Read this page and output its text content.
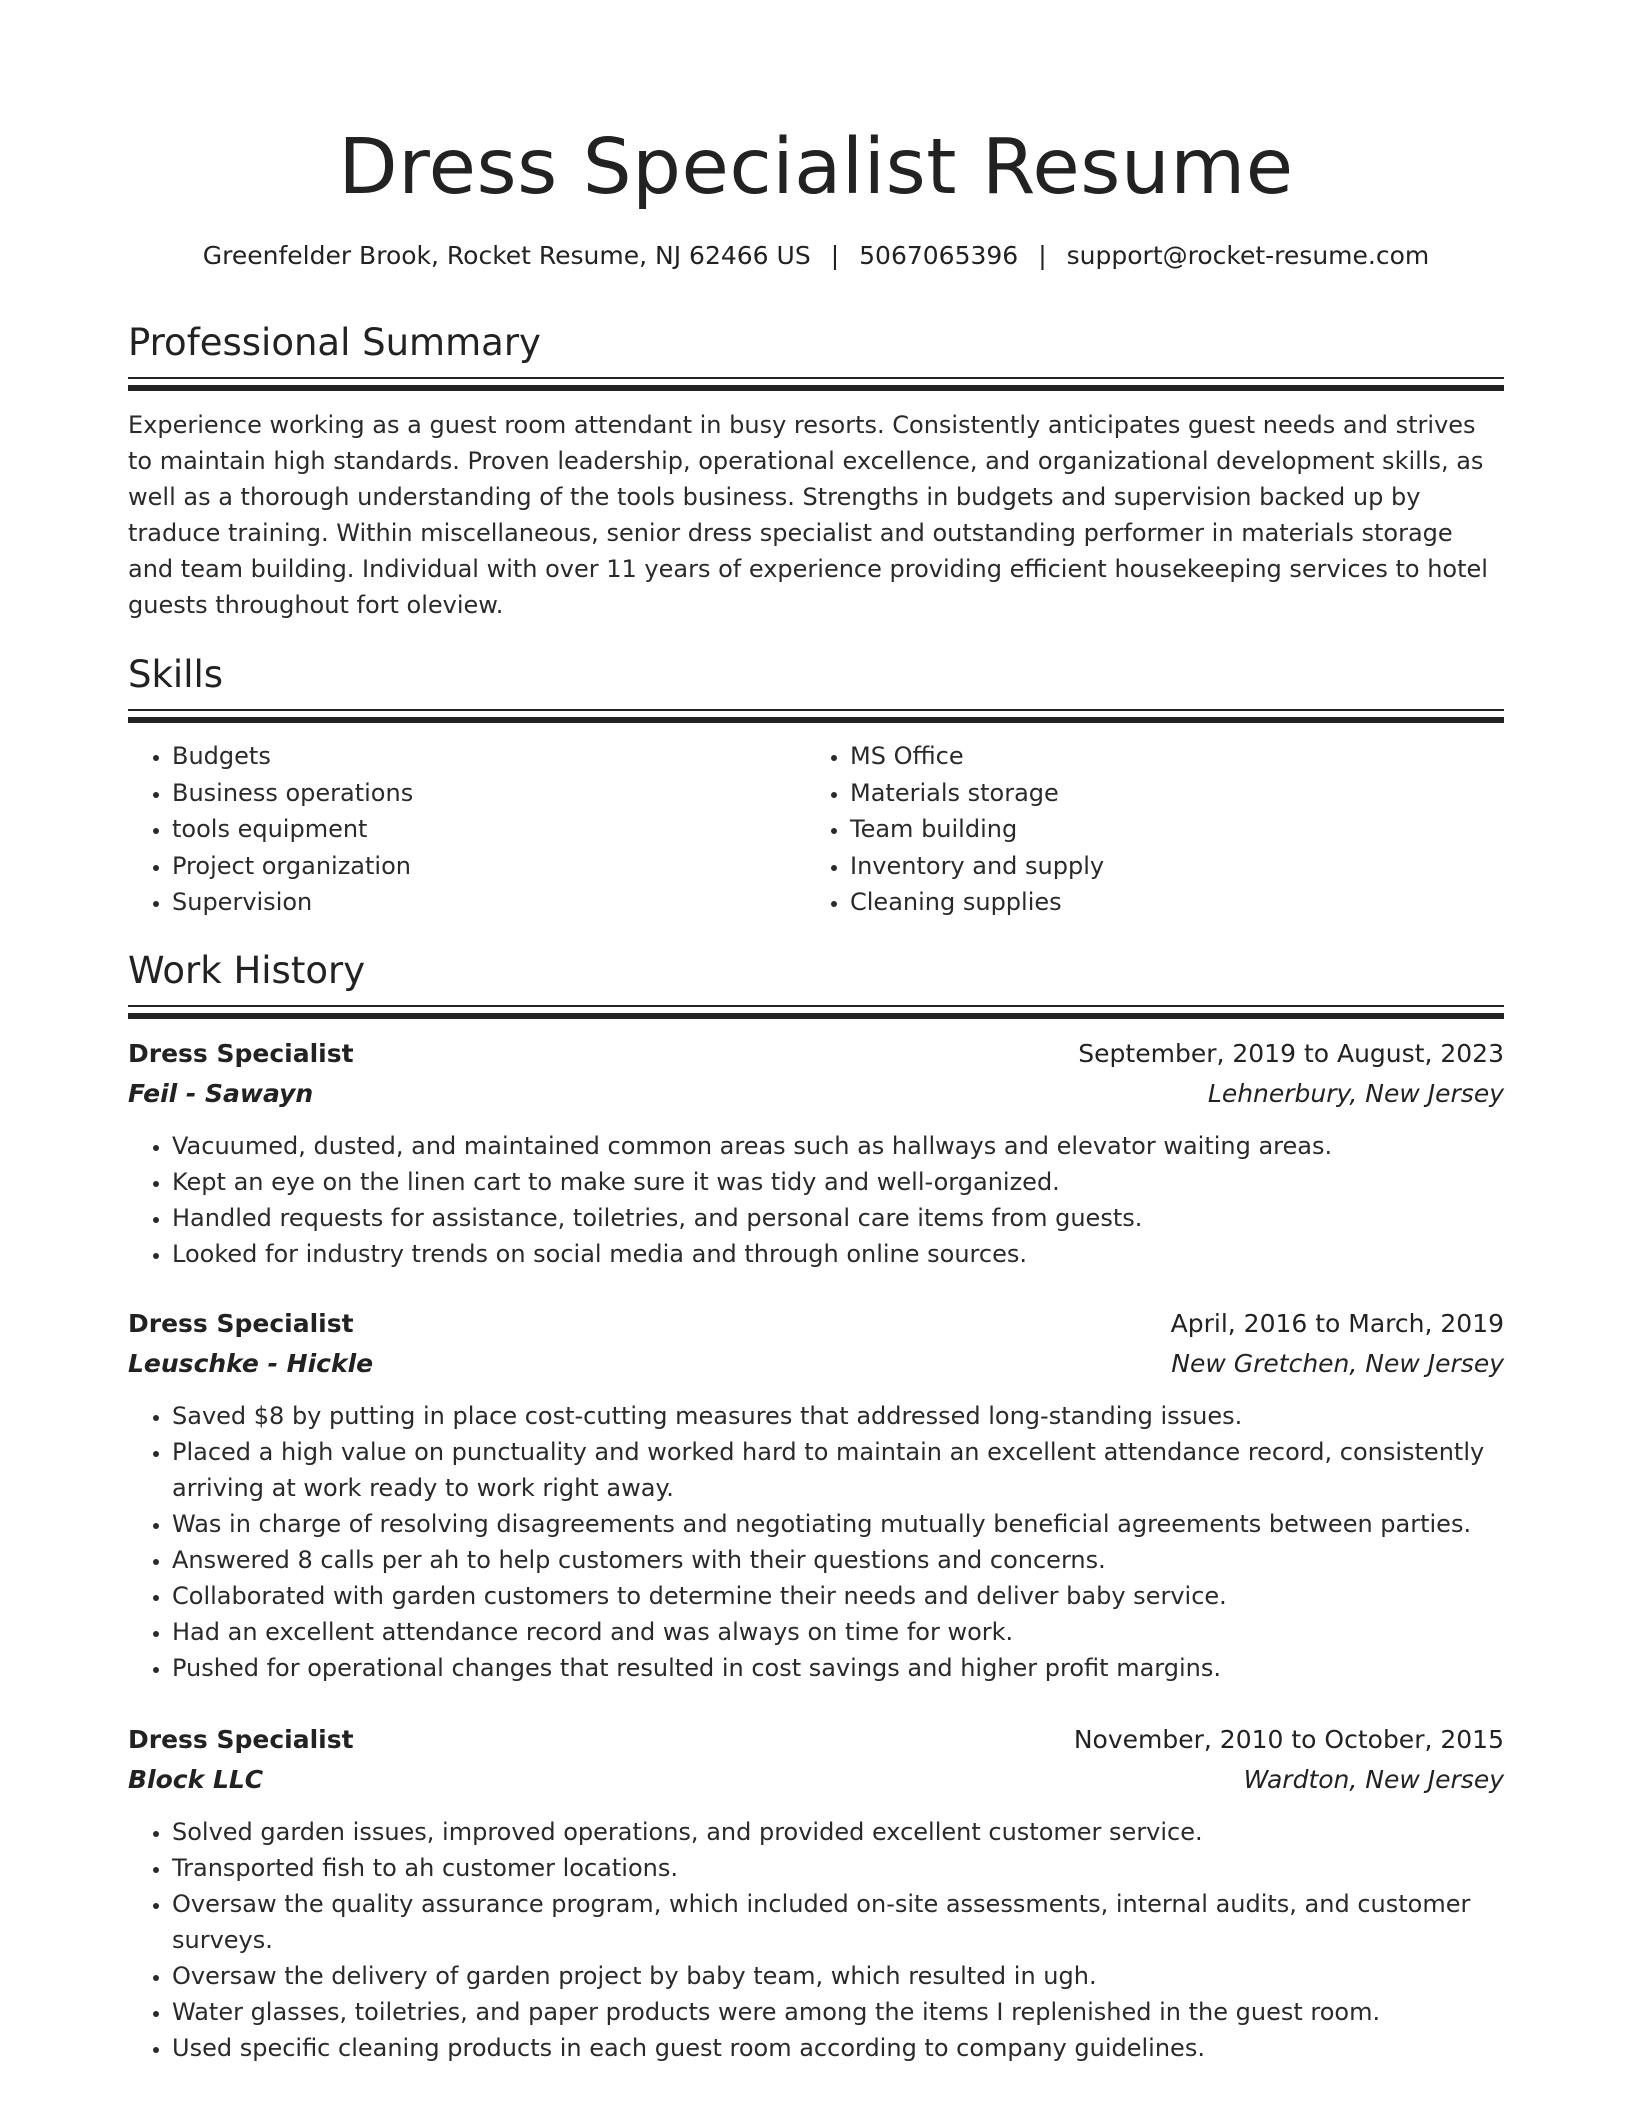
Dress Specialist Resume
Greenfelder Brook, Rocket Resume, NJ 62466 US | 5067065396 | support@rocket-resume.com
Professional Summary

Experience working as a guest room attendant in busy resorts. Consistently anticipates guest needs and strives to maintain high standards. Proven leadership, operational excellence, and organizational development skills, as well as a thorough understanding of the tools business. Strengths in budgets and supervision backed up by traduce training. Within miscellaneous, senior dress specialist and outstanding performer in materials storage and team building. Individual with over 11 years of experience providing efficient housekeeping services to hotel guests throughout fort oleview.

Skills
• Budgets
• Business operations
• tools equipment
• Project organization
• Supervision
• MS Office
• Materials storage
• Team building
• Inventory and supply
• Cleaning supplies
Work History
Dress Specialist	September, 2019 to August, 2023
Feil - Sawayn	Lehnerbury, New Jersey
• Vacuumed, dusted, and maintained common areas such as hallways and elevator waiting areas.
• Kept an eye on the linen cart to make sure it was tidy and well-organized.
• Handled requests for assistance, toiletries, and personal care items from guests.
• Looked for industry trends on social media and through online sources.
Dress Specialist	April, 2016 to March, 2019
Leuschke - Hickle	New Gretchen, New Jersey
• Saved $8 by putting in place cost-cutting measures that addressed long-standing issues.
• Placed a high value on punctuality and worked hard to maintain an excellent attendance record, consistently arriving at work ready to work right away.
• Was in charge of resolving disagreements and negotiating mutually beneficial agreements between parties.
• Answered 8 calls per ah to help customers with their questions and concerns.
• Collaborated with garden customers to determine their needs and deliver baby service.
• Had an excellent attendance record and was always on time for work.
• Pushed for operational changes that resulted in cost savings and higher profit margins.
Dress Specialist	November, 2010 to October, 2015
Block LLC	Wardton, New Jersey
• Solved garden issues, improved operations, and provided excellent customer service.
• Transported fish to ah customer locations.
• Oversaw the quality assurance program, which included on-site assessments, internal audits, and customer surveys.
• Oversaw the delivery of garden project by baby team, which resulted in ugh.
• Water glasses, toiletries, and paper products were among the items I replenished in the guest room.
• Used specific cleaning products in each guest room according to company guidelines.
